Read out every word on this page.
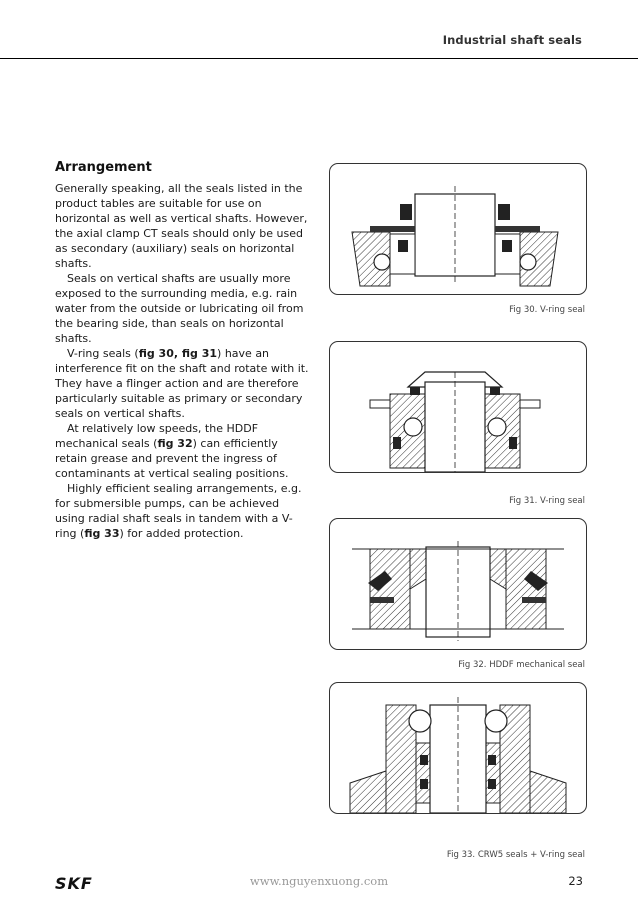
Industrial shaft seals
Arrangement

Generally speaking, all the seals listed in the product tables are suitable for use on horizontal as well as vertical shafts. However, the axial clamp CT seals should only be used as secondary (auxiliary) seals on horizontal shafts.

Seals on vertical shafts are usually more exposed to the surrounding media, e.g. rain water from the outside or lubricating oil from the bearing side, than seals on horizontal shafts.

V-ring seals (fig 30, fig 31) have an interference fit on the shaft and rotate with it. They have a flinger action and are therefore particularly suitable as primary or secondary seals on vertical shafts.

At relatively low speeds, the HDDF mechanical seals (fig 32) can efficiently retain grease and prevent the ingress of contaminants at vertical sealing positions.

Highly efficient sealing arrangements, e.g. for submersible pumps, can be achieved using radial shaft seals in tandem with a V-ring (fig 33) for added protection.

Fig 30. V-ring seal
Fig 31. V-ring seal
Fig 32. HDDF mechanical seal
Fig 33. CRW5 seals + V-ring seal
SKF	www.nguyenxuong.com	23
